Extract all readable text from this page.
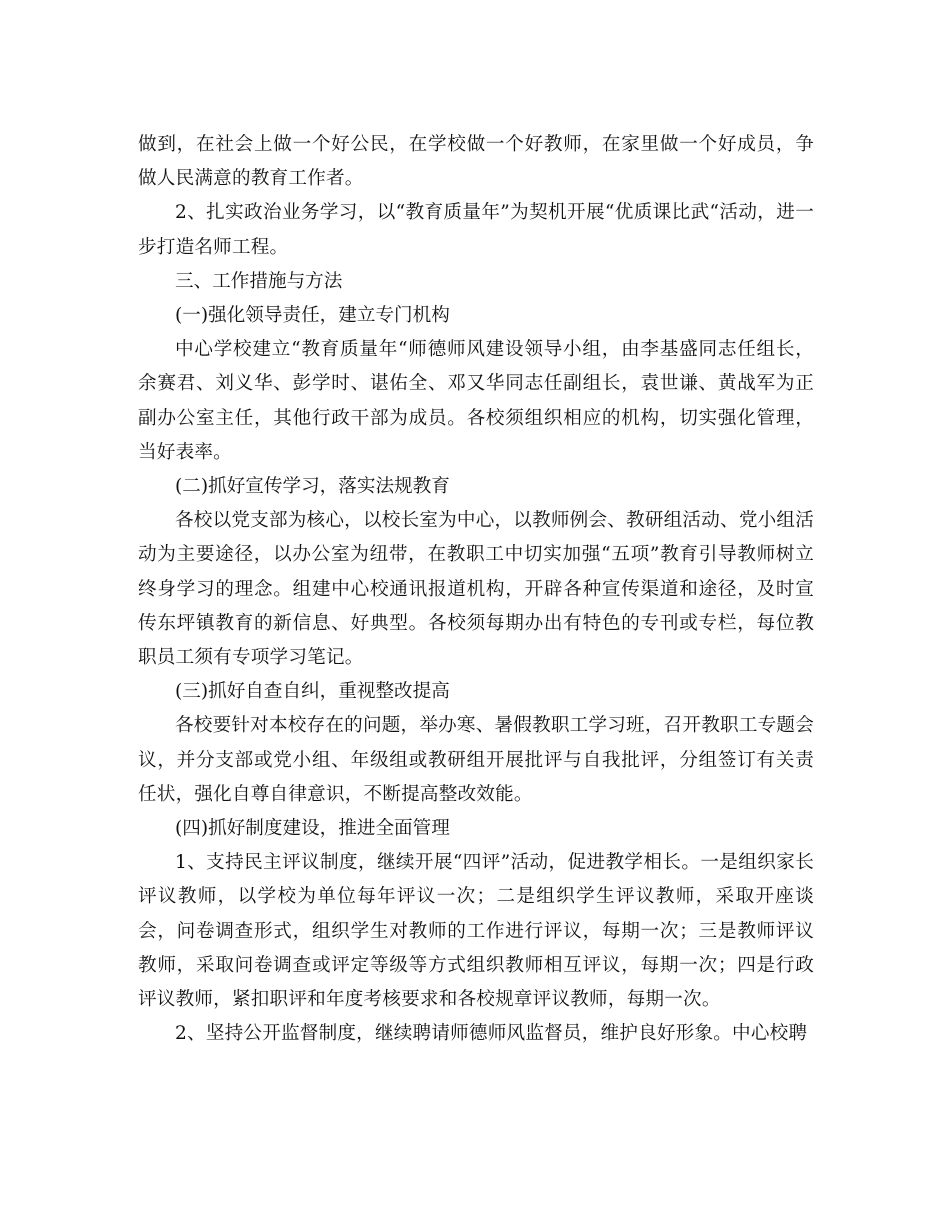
做到，在社会上做一个好公民，在学校做一个好教师，在家里做一个好成员，争做人民满意的教育工作者。

2、扎实政治业务学习，以“教育质量年”为契机开展“优质课比武“活动，进一步打造名师工程。

三、工作措施与方法

(一)强化领导责任，建立专门机构

中心学校建立“教育质量年“师德师风建设领导小组，由李基盛同志任组长，余赛君、刘义华、彭学时、谌佑全、邓又华同志任副组长，袁世谦、黄战军为正副办公室主任，其他行政干部为成员。各校须组织相应的机构，切实强化管理，当好表率。

(二)抓好宣传学习，落实法规教育

各校以党支部为核心，以校长室为中心，以教师例会、教研组活动、党小组活动为主要途径，以办公室为纽带，在教职工中切实加强“五项”教育引导教师树立终身学习的理念。组建中心校通讯报道机构，开辟各种宣传渠道和途径，及时宣传东坪镇教育的新信息、好典型。各校须每期办出有特色的专刊或专栏，每位教职员工须有专项学习笔记。

(三)抓好自查自纠，重视整改提高

各校要针对本校存在的问题，举办寒、暑假教职工学习班，召开教职工专题会议，并分支部或党小组、年级组或教研组开展批评与自我批评，分组签订有关责任状，强化自尊自律意识，不断提高整改效能。

(四)抓好制度建设，推进全面管理

1、支持民主评议制度，继续开展“四评”活动，促进教学相长。一是组织家长评议教师，以学校为单位每年评议一次；二是组织学生评议教师，采取开座谈会，问卷调查形式，组织学生对教师的工作进行评议，每期一次；三是教师评议教师，采取问卷调查或评定等级等方式组织教师相互评议，每期一次；四是行政评议教师，紧扣职评和年度考核要求和各校规章评议教师，每期一次。

2、坚持公开监督制度，继续聘请师德师风监督员，维护良好形象。中心校聘
